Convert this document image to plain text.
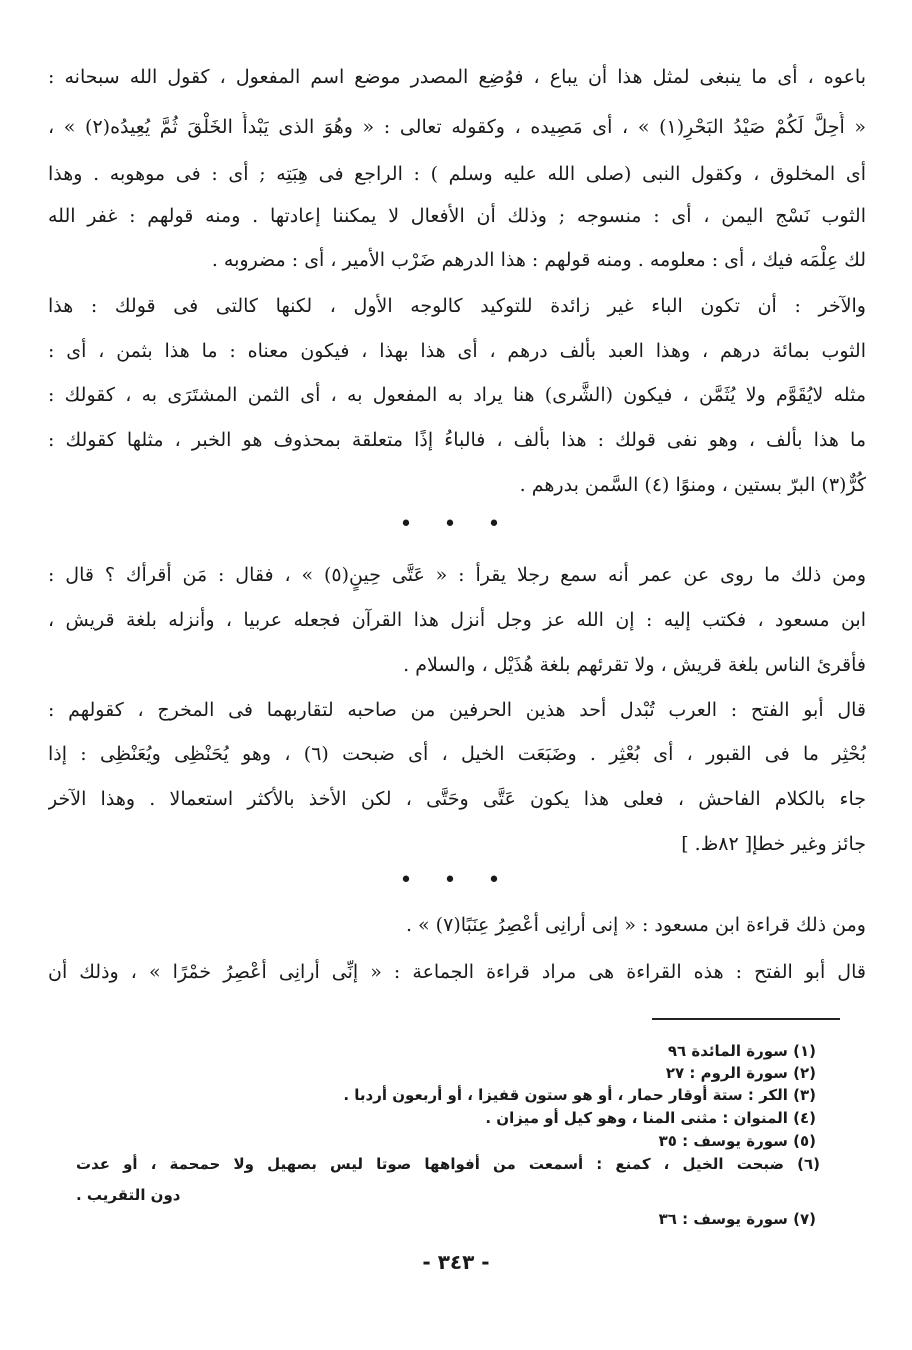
باعوه ، أى ما ينبغى لمثل هذا أن يباع ، فوُضِع المصدر موضع اسم المفعول ، كقول الله سبحانه :
« أُحِلَّ لَكُمْ صَيْدُ البَحْرِ(١) » ، أى مَصِيده ، وكقوله تعالى : « وهُوَ الذى يَبْدأُ الخَلْقَ ثُمَّ يُعِيدُه(٢) » ،
أى المخلوق ، وكقول النبى (صلى الله عليه وسلم ) : الراجع فى هِبَتِه ; أى : فى موهوبه . وهذا
الثوب نَسْج اليمن ، أى : منسوجه ; وذلك أن الأفعال لا يمكننا إعادتها . ومنه قولهم : غفر الله
لك عِلْمَه فيك ، أى : معلومه . ومنه قولهم : هذا الدرهم ضَرْب الأمير ، أى : مضروبه .
والآخر : أن تكون الباء غير زائدة للتوكيد كالوجه الأول ، لكنها كالتى فى قولك : هذا
الثوب بمائة درهم ، وهذا العبد بألف درهم ، أى هذا بهذا ، فيكون معناه : ما هذا بثمن ، أى :
مثله لايُقَوَّم ولا يُثَمَّن ، فيكون (الشَّرى) هنا يراد به المفعول به ، أى الثمن المشتَرَى به ، كقولك :
ما هذا بألف ، وهو نفى قولك : هذا بألف ، فالباءُ إذًا متعلقة بمحذوف هو الخبر ، مثلها كقولك :
كُرٌّ(٣) البرّ بستين ، ومنوًا (٤) السَّمن بدرهم .
• • •
ومن ذلك ما روى عن عمر أنه سمع رجلا يقرأ : « عَتَّى حِينٍ(٥) » ، فقال : مَن أقرأك ؟ قال :
ابن مسعود ، فكتب إليه : إن الله عز وجل أنزل هذا القرآن فجعله عربيا ، وأنزله بلغة قريش ،
فأقرئ الناس بلغة قريش ، ولا تقرئهم بلغة هُذَيْل ، والسلام .
قال أبو الفتح : العرب تُبْدل أحد هذين الحرفين من صاحبه لتقاربهما فى المخرج ، كقولهم :
بُحْثِر ما فى القبور ، أى بُعْثِر . وضَبَعَت الخيل ، أى ضبحت (٦) ، وهو يُحَنْظِى ويُعَنْظِى : إذا
جاء بالكلام الفاحش ، فعلى هذا يكون عَتَّى وحَتَّى ، لكن الأخذ بالأكثر استعمالا . وهذا الآخر
جائز وغير خطإ[ ٨٢ظ. ]
• • •
ومن ذلك قراءة ابن مسعود : « إنى أرانِى أعْصِرُ عِنَبًا(٧) » .
قال أبو الفتح : هذه القراءة هى مراد قراءة الجماعة : « إنِّى أرانِى أعْصِرُ خمْرًا » ، وذلك أن
(١) سورة المائدة ٩٦
(٢) سورة الروم : ٢٧
(٣) الكر : ستة أوقار حمار ، أو هو ستون قفيزا ، أو أربعون أردبا .
(٤) المنوان : مثنى المنا ، وهو كيل أو ميزان .
(٥) سورة يوسف : ٣٥
(٦) ضبحت الخيل ، كمنع : أسمعت من أفواهها صوتا ليس بصهيل ولا حمحمة ، أو عدت
دون التقريب .
(٧) سورة يوسف : ٣٦
- ٣٤٣ -
